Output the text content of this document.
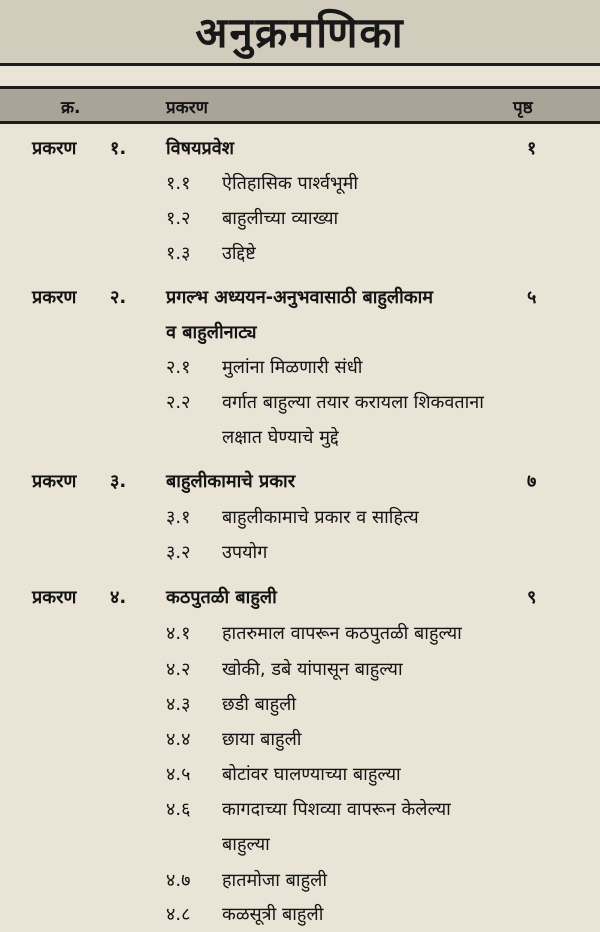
अनुक्रमणिका
क्र.	प्रकरण	पृष्ठ
प्रकरण १. विषयप्रवेश	१
१.१ ऐतिहासिक पार्श्वभूमी
१.२ बाहुलीच्या व्याख्या
१.३ उद्दिष्टे
प्रकरण २. प्रगल्भ अध्ययन-अनुभवासाठी बाहुलीकाम	५
व बाहुलीनाट्य
२.१ मुलांना मिळणारी संधी
२.२ वर्गात बाहुल्या तयार करायला शिकवताना
लक्षात घेण्याचे मुद्दे
प्रकरण ३. बाहुलीकामाचे प्रकार	७
३.१ बाहुलीकामाचे प्रकार व साहित्य
३.२ उपयोग
प्रकरण ४. कठपुतळी बाहुली	९
४.१ हातरुमाल वापरून कठपुतळी बाहुल्या
४.२ खोकी, डबे यांपासून बाहुल्या
४.३ छडी बाहुली
४.४ छाया बाहुली
४.५ बोटांवर घालण्याच्या बाहुल्या
४.६ कागदाच्या पिशव्या वापरून केलेल्या
बाहुल्या
४.७ हातमोजा बाहुली
४.८ कळसूत्री बाहुली
